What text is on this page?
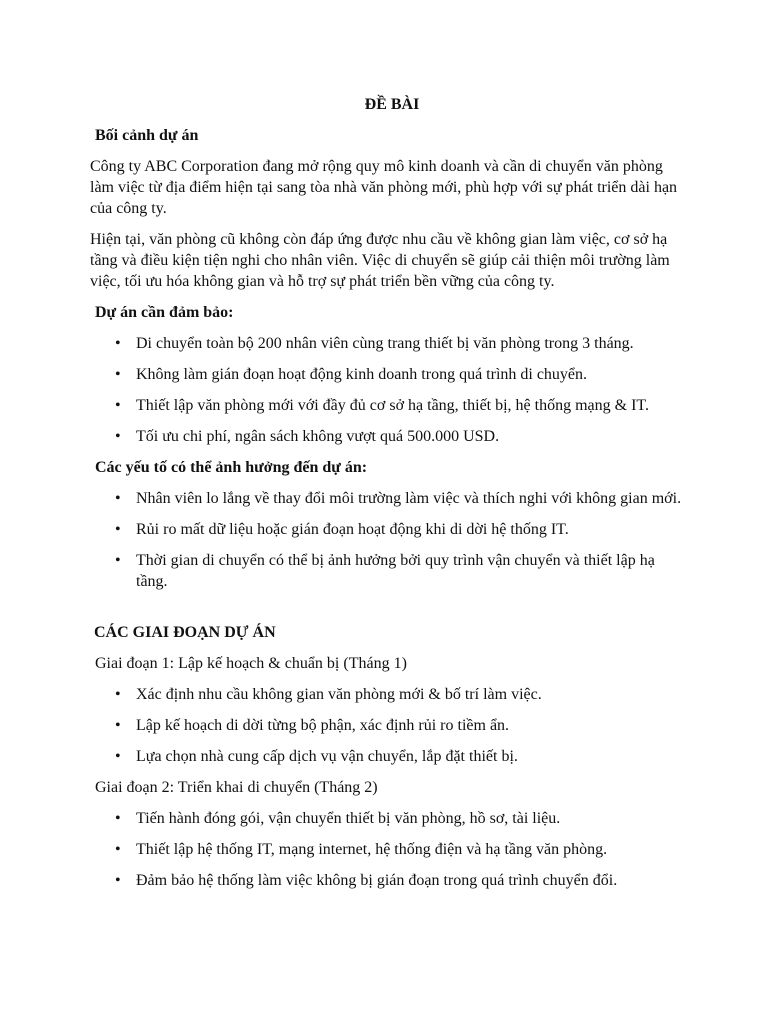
ĐỀ BÀI
Bối cảnh dự án

Công ty ABC Corporation đang mở rộng quy mô kinh doanh và cần di chuyển văn phòng làm việc từ địa điểm hiện tại sang tòa nhà văn phòng mới, phù hợp với sự phát triển dài hạn của công ty.

Hiện tại, văn phòng cũ không còn đáp ứng được nhu cầu về không gian làm việc, cơ sở hạ tầng và điều kiện tiện nghi cho nhân viên. Việc di chuyển sẽ giúp cải thiện môi trường làm việc, tối ưu hóa không gian và hỗ trợ sự phát triển bền vững của công ty.

Dự án cần đảm bảo:
• Di chuyển toàn bộ 200 nhân viên cùng trang thiết bị văn phòng trong 3 tháng.
• Không làm gián đoạn hoạt động kinh doanh trong quá trình di chuyển.
• Thiết lập văn phòng mới với đầy đủ cơ sở hạ tầng, thiết bị, hệ thống mạng & IT.
• Tối ưu chi phí, ngân sách không vượt quá 500.000 USD.
Các yếu tố có thể ảnh hưởng đến dự án:
• Nhân viên lo lắng về thay đổi môi trường làm việc và thích nghi với không gian mới.
• Rủi ro mất dữ liệu hoặc gián đoạn hoạt động khi di dời hệ thống IT.
• Thời gian di chuyển có thể bị ảnh hưởng bởi quy trình vận chuyển và thiết lập hạ tầng.
CÁC GIAI ĐOẠN DỰ ÁN
Giai đoạn 1: Lập kế hoạch & chuẩn bị (Tháng 1)
• Xác định nhu cầu không gian văn phòng mới & bố trí làm việc.
• Lập kế hoạch di dời từng bộ phận, xác định rủi ro tiềm ẩn.
• Lựa chọn nhà cung cấp dịch vụ vận chuyển, lắp đặt thiết bị.
Giai đoạn 2: Triển khai di chuyển (Tháng 2)
• Tiến hành đóng gói, vận chuyển thiết bị văn phòng, hồ sơ, tài liệu.
• Thiết lập hệ thống IT, mạng internet, hệ thống điện và hạ tầng văn phòng.
• Đảm bảo hệ thống làm việc không bị gián đoạn trong quá trình chuyển đổi.
